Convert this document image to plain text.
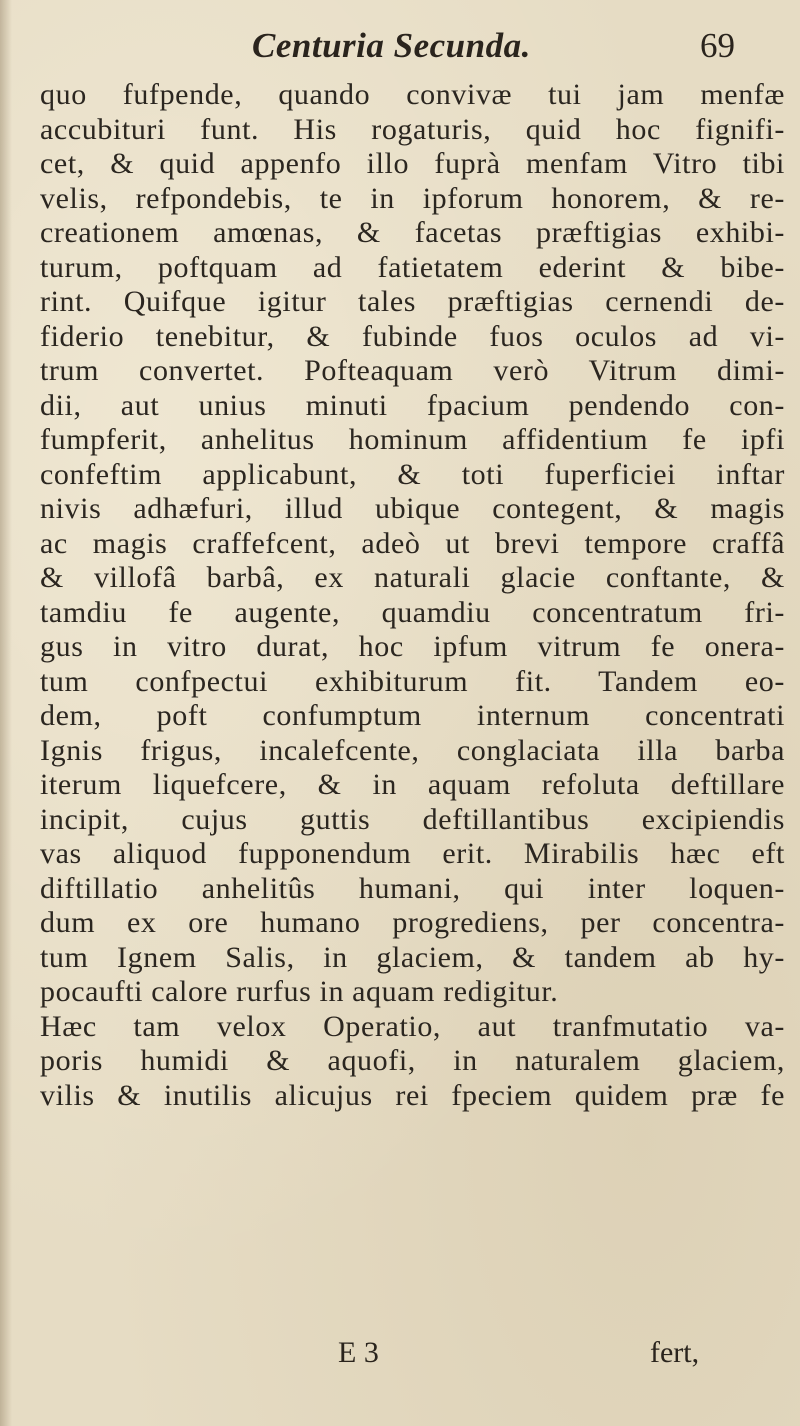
Centuria Secunda.	69
quo fufpende, quando convivæ tui jam menfæ
accubituri funt. His rogaturis, quid hoc fignifi-
cet, & quid appenfo illo fuprà menfam Vitro tibi
velis, refpondebis, te in ipforum honorem, & re-
creationem amœnas, & facetas præftigias exhibi-
turum, poftquam ad fatietatem ederint & bibe-
rint. Quifque igitur tales præftigias cernendi de-
fiderio tenebitur, & fubinde fuos oculos ad vi-
trum convertet. Pofteaquam verò Vitrum dimi-
dii, aut unius minuti fpacium pendendo con-
fumpferit, anhelitus hominum affidentium fe ipfi
confeftim applicabunt, & toti fuperficiei inftar
nivis adhæfuri, illud ubique contegent, & magis
ac magis craffefcent, adeò ut brevi tempore craffâ
& villofâ barbâ, ex naturali glacie conftante, &
tamdiu fe augente, quamdiu concentratum fri-
gus in vitro durat, hoc ipfum vitrum fe onera-
tum confpectui exhibiturum fit. Tandem eo-
dem, poft confumptum internum concentrati
Ignis frigus, incalefcente, conglaciata illa barba
iterum liquefcere, & in aquam refoluta deftillare
incipit, cujus guttis deftillantibus excipiendis
vas aliquod fupponendum erit. Mirabilis hæc eft
diftillatio anhelitûs humani, qui inter loquen-
dum ex ore humano progrediens, per concentra-
tum Ignem Salis, in glaciem, & tandem ab hy-
pocaufti calore rurfus in aquam redigitur.
Hæc tam velox Operatio, aut tranfmutatio va-
poris humidi & aquofi, in naturalem glaciem,
vilis & inutilis alicujus rei fpeciem quidem præ fe
E 3	fert,
